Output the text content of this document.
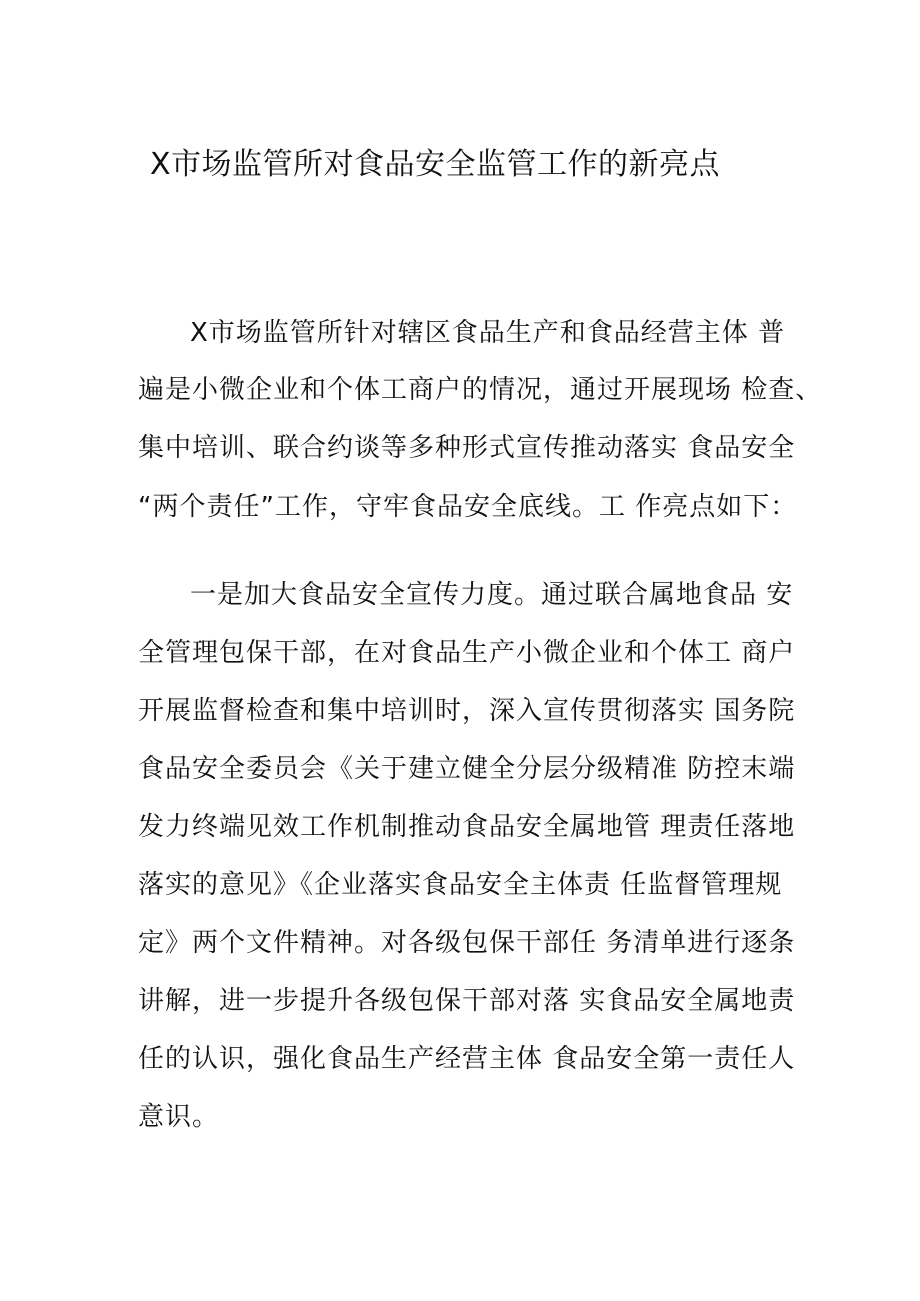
X市场监管所对食品安全监管工作的新亮点
X市场监管所针对辖区食品生产和食品经营主体 普
遍是小微企业和个体工商户的情况，通过开展现场 检查、
集中培训、联合约谈等多种形式宣传推动落实 食品安全
“两个责任”工作，守牢食品安全底线。工 作亮点如下：
一是加大食品安全宣传力度。通过联合属地食品 安
全管理包保干部，在对食品生产小微企业和个体工 商户
开展监督检查和集中培训时，深入宣传贯彻落实 国务院
食品安全委员会《关于建立健全分层分级精准 防控末端
发力终端见效工作机制推动食品安全属地管 理责任落地
落实的意见》《企业落实食品安全主体责 任监督管理规
定》两个文件精神。对各级包保干部任 务清单进行逐条
讲解，进一步提升各级包保干部对落 实食品安全属地责
任的认识，强化食品生产经营主体 食品安全第一责任人
意识。
